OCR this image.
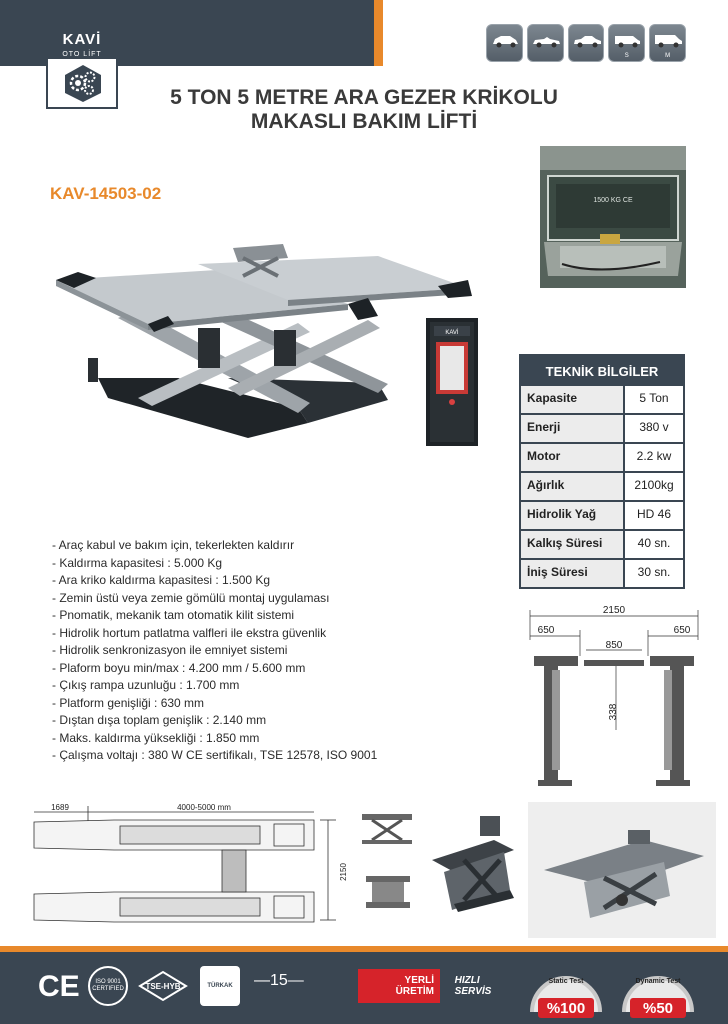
KAVİ
OTO LİFT	S	M
5 TON 5 METRE ARA GEZER KRİKOLU
MAKASLI BAKIM LİFTİ
KAV-14503-02	1500 KG CE
KAVİ
TEKNİK BİLGİLER
Kapasite	5 Ton
Enerji	380 v
Motor	2.2 kw
Ağırlık	2100kg
Hidrolik Yağ	HD 46
Kalkış Süresi	40 sn.
İniş Süresi	30 sn.
- Araç kabul ve bakım için, tekerlekten kaldırır
- Kaldırma kapasitesi : 5.000 Kg
- Ara kriko kaldırma kapasitesi : 1.500 Kg
- Zemin üstü veya zemie gömülü montaj uygulaması
- Pnomatik, mekanik tam otomatik kilit sistemi
- Hidrolik hortum patlatma valfleri ile ekstra güvenlik
- Hidrolik senkronizasyon ile emniyet sistemi
- Plaform boyu min/max : 4.200 mm / 5.600 mm
- Çıkış rampa uzunluğu : 1.700 mm
- Platform genişliği : 630 mm
- Dıştan dışa toplam genişlik : 2.140 mm
- Maks. kaldırma yüksekliği : 1.850 mm
- Çalışma voltajı : 380 W CE sertifikalı, TSE 12578, ISO 9001
2150
650	650
850
338
1689	4000-5000 mm
2150
CE	ISO 9001 CERTIFIED	TSE-HYB	TÜRKAK —15—	YERLİ
ÜRETİM
HIZLI
SERVİS
Static Test
%100
Dynamic Test
%50
